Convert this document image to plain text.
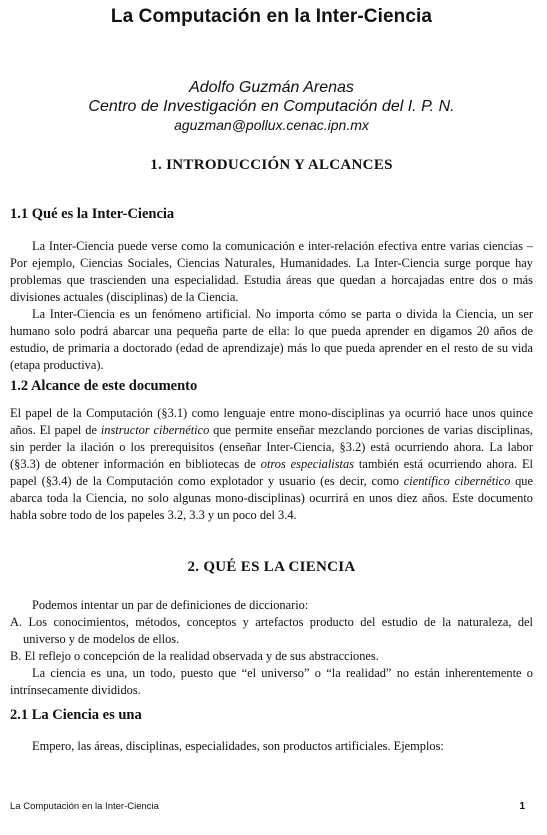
La Computación en la Inter-Ciencia
Adolfo Guzmán Arenas
Centro de Investigación en Computación del I. P. N.
aguzman@pollux.cenac.ipn.mx
1. INTRODUCCIÓN Y ALCANCES
1.1 Qué es la Inter-Ciencia

La Inter-Ciencia puede verse como la comunicación e inter-relación efectiva entre varias ciencias –Por ejemplo, Ciencias Sociales, Ciencias Naturales, Humanidades. La Inter-Ciencia surge porque hay problemas que trascienden una especialidad. Estudia áreas que quedan a horcajadas entre dos o más divisiones actuales (disciplinas) de la Ciencia.

La Inter-Ciencia es un fenómeno artificial. No importa cómo se parta o divida la Ciencia, un ser humano solo podrá abarcar una pequeña parte de ella: lo que pueda aprender en digamos 20 años de estudio, de primaria a doctorado (edad de aprendizaje) más lo que pueda aprender en el resto de su vida (etapa productiva).

1.2 Alcance de este documento

El papel de la Computación (§3.1) como lenguaje entre mono-disciplinas ya ocurrió hace unos quince años. El papel de instructor cibernético que permite enseñar mezclando porciones de varias disciplinas, sin perder la ilación o los prerequisitos (enseñar Inter-Ciencia, §3.2) está ocurriendo ahora. La labor (§3.3) de obtener información en bibliotecas de otros especialistas también está ocurriendo ahora. El papel (§3.4) de la Computación como explotador y usuario (es decir, como científico cibernético que abarca toda la Ciencia, no solo algunas mono-disciplinas) ocurrirá en unos diez años. Este documento habla sobre todo de los papeles 3.2, 3.3 y un poco del 3.4.

2. QUÉ ES LA CIENCIA

Podemos intentar un par de definiciones de diccionario:

A. Los conocimientos, métodos, conceptos y artefactos producto del estudio de la naturaleza, del universo y de modelos de ellos.

B. El reflejo o concepción de la realidad observada y de sus abstracciones.

La ciencia es una, un todo, puesto que “el universo” o “la realidad” no están inherentemente o intrínsecamente divididos.

2.1 La Ciencia es una

Empero, las áreas, disciplinas, especialidades, son productos artificiales. Ejemplos:

La Computación en la Inter-Ciencia	1
